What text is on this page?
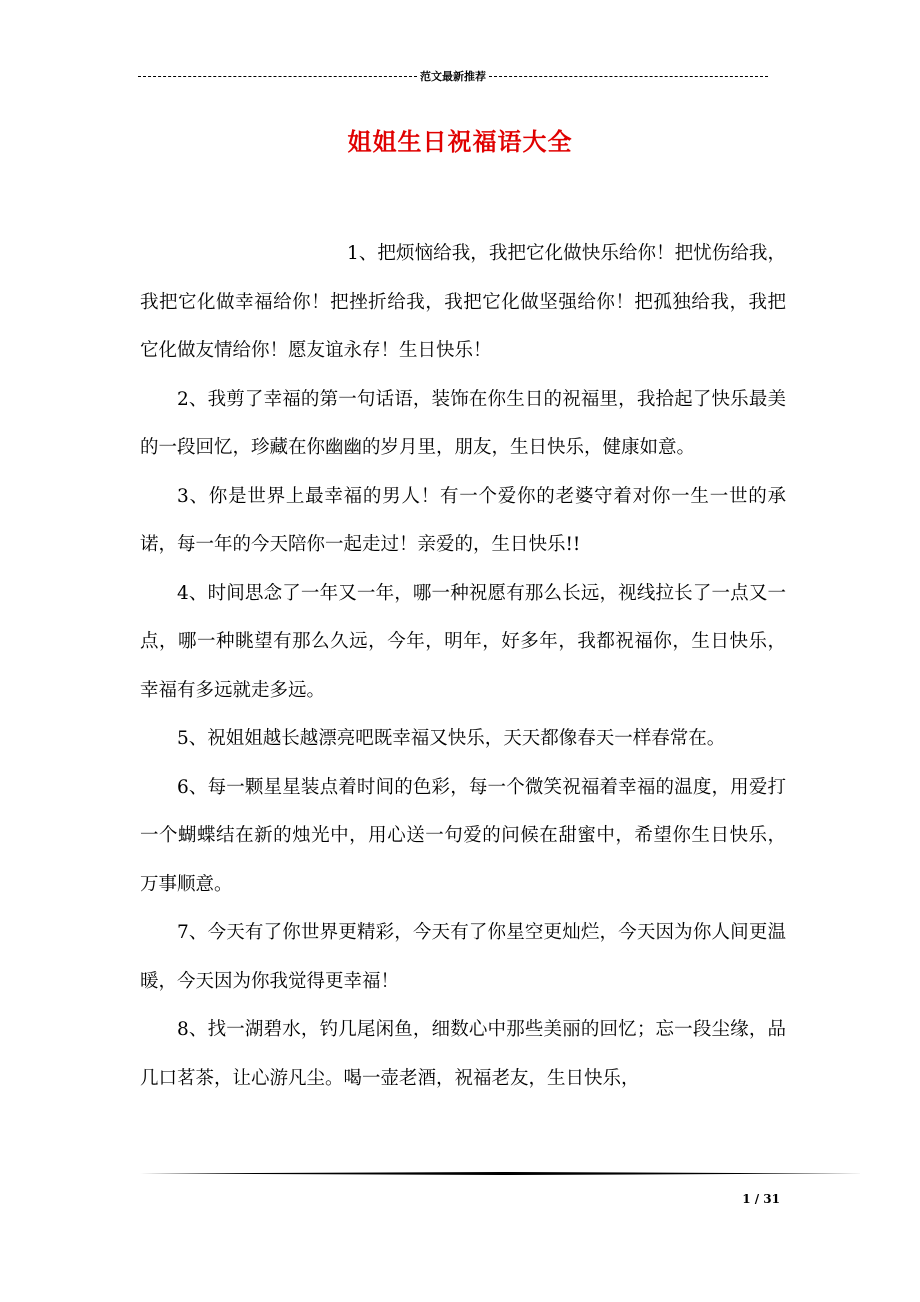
范文最新推荐
姐姐生日祝福语大全

1、把烦恼给我，我把它化做快乐给你！把忧伤给我，我把它化做幸福给你！把挫折给我，我把它化做坚强给你！把孤独给我，我把它化做友情给你！愿友谊永存！生日快乐！

2、我剪了幸福的第一句话语，装饰在你生日的祝福里，我拾起了快乐最美的一段回忆，珍藏在你幽幽的岁月里，朋友，生日快乐，健康如意。

3、你是世界上最幸福的男人！有一个爱你的老婆守着对你一生一世的承诺，每一年的今天陪你一起走过！亲爱的，生日快乐!!

4、时间思念了一年又一年，哪一种祝愿有那么长远，视线拉长了一点又一点，哪一种眺望有那么久远，今年，明年，好多年，我都祝福你，生日快乐，幸福有多远就走多远。

5、祝姐姐越长越漂亮吧既幸福又快乐，天天都像春天一样春常在。

6、每一颗星星装点着时间的色彩，每一个微笑祝福着幸福的温度，用爱打一个蝴蝶结在新的烛光中，用心送一句爱的问候在甜蜜中，希望你生日快乐，万事顺意。

7、今天有了你世界更精彩，今天有了你星空更灿烂，今天因为你人间更温暖，今天因为你我觉得更幸福！

8、找一湖碧水，钓几尾闲鱼，细数心中那些美丽的回忆；忘一段尘缘，品几口茗茶，让心游凡尘。喝一壶老酒，祝福老友，生日快乐，

1 / 31
